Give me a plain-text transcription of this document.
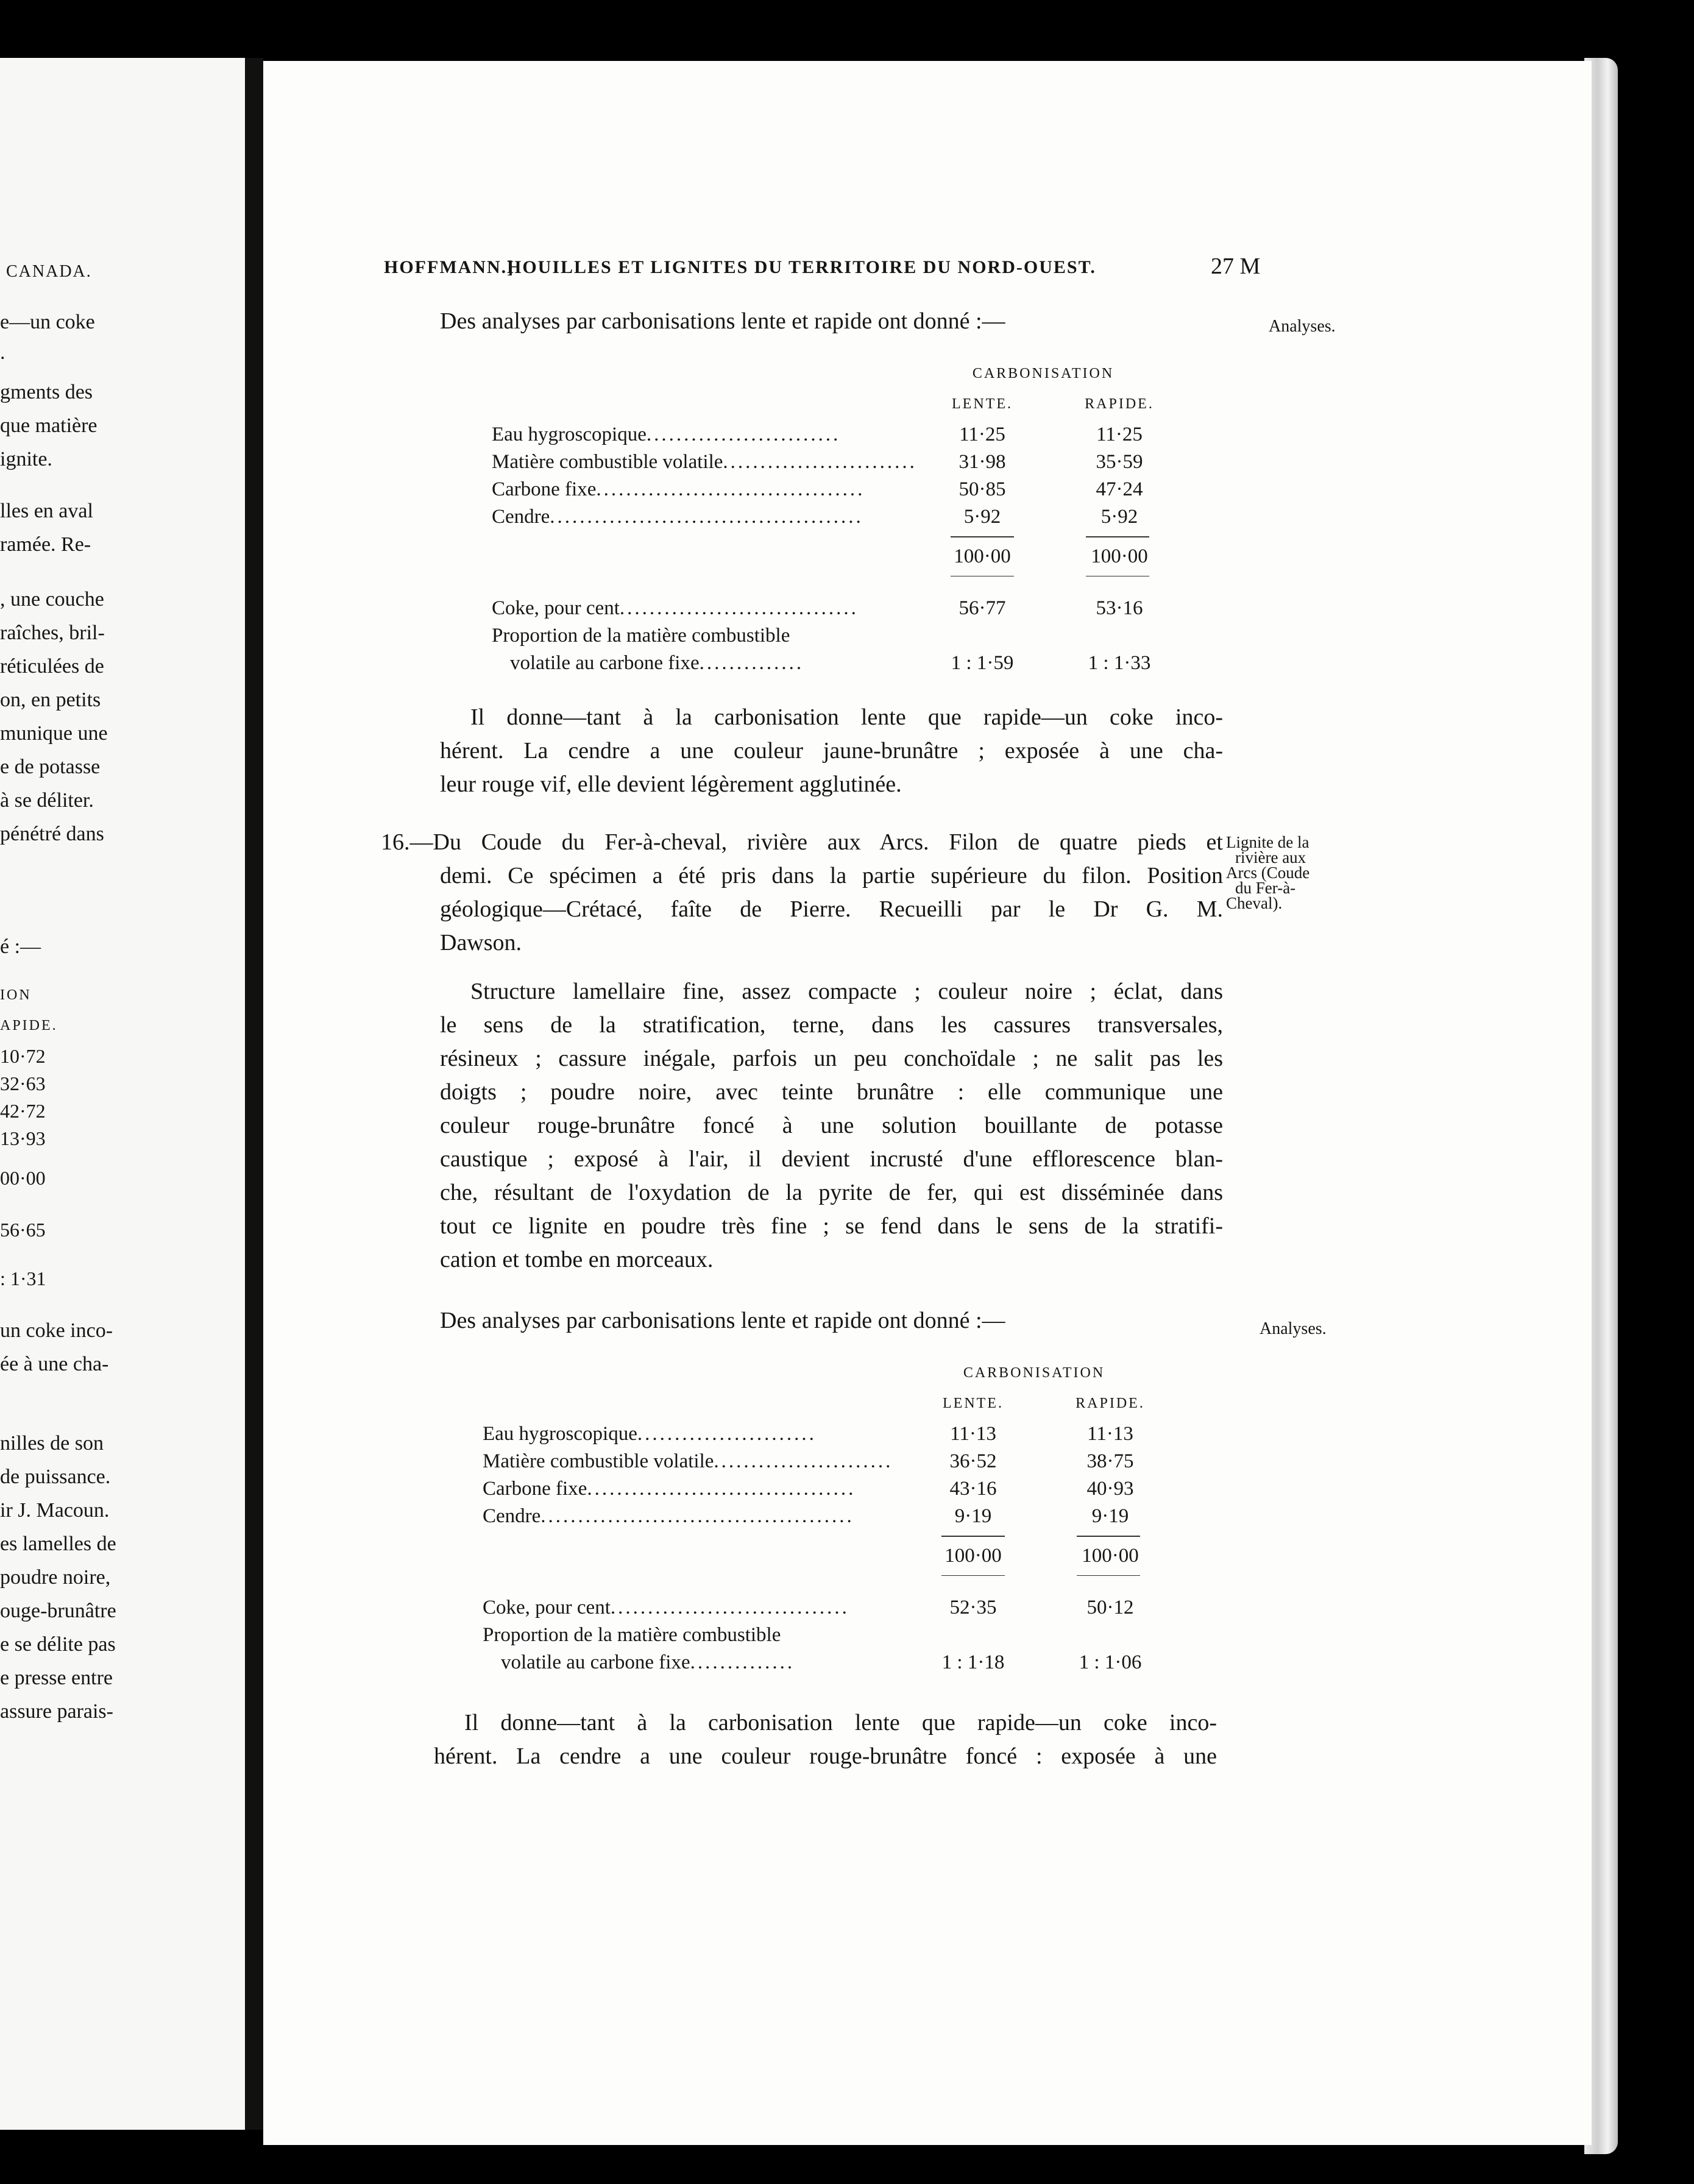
CANADA.
e—un coke
.
gments des
que matière
ignite.
lles en aval
ramée. Re-
, une couche
raîches, bril-
réticulées de
on, en petits
munique une
e de potasse
à se déliter.
pénétré dans
é :—
ION
APIDE.
10·72
32·63
42·72
13·93
00·00
56·65
: 1·31
un coke inco-
ée à une cha-
nilles de son
de puissance.
ir J. Macoun.
es lamelles de
poudre noire,
ouge-brunâtre
e se délite pas
e presse entre
assure parais-
HOFFMANN.]
HOUILLES ET LIGNITES DU TERRITOIRE DU NORD-OUEST.	27 M
Des analyses par carbonisations lente et rapide ont donné :—	Analyses.
CARBONISATION
LENTE.	RAPIDE.
Eau hygroscopique..........................	11·25	11·25
Matière combustible volatile..........................	31·98	35·59
Carbone fixe....................................	50·85	47·24
Cendre..........................................	5·92	5·92
100·00	100·00
Coke, pour cent................................	56·77	53·16
Proportion de la matière combustible
volatile au carbone fixe..............	1 : 1·59	1 : 1·33
Il donne—tant à la carbonisation lente que rapide—un coke inco-
hérent. La cendre a une couleur jaune-brunâtre ; exposée à une cha-
leur rouge vif, elle devient légèrement agglutinée.
16.—Du Coude du Fer-à-cheval, rivière aux Arcs. Filon de quatre pieds et
demi. Ce spécimen a été pris dans la partie supérieure du filon. Position
géologique—Crétacé, faîte de Pierre. Recueilli par le Dr G. M.
Dawson.
Lignite de la
rivière aux
Arcs (Coude
du Fer-à-
Cheval).
Structure lamellaire fine, assez compacte ; couleur noire ; éclat, dans
le sens de la stratification, terne, dans les cassures transversales,
résineux ; cassure inégale, parfois un peu conchoïdale ; ne salit pas les
doigts ; poudre noire, avec teinte brunâtre : elle communique une
couleur rouge-brunâtre foncé à une solution bouillante de potasse
caustique ; exposé à l'air, il devient incrusté d'une efflorescence blan-
che, résultant de l'oxydation de la pyrite de fer, qui est disséminée dans
tout ce lignite en poudre très fine ; se fend dans le sens de la stratifi-
cation et tombe en morceaux.
Des analyses par carbonisations lente et rapide ont donné :—	Analyses.
CARBONISATION
LENTE.	RAPIDE.
Eau hygroscopique........................	11·13	11·13
Matière combustible volatile........................	36·52	38·75
Carbone fixe....................................	43·16	40·93
Cendre..........................................	9·19	9·19
100·00	100·00
Coke, pour cent................................	52·35	50·12
Proportion de la matière combustible
volatile au carbone fixe..............	1 : 1·18	1 : 1·06
Il donne—tant à la carbonisation lente que rapide—un coke inco-
hérent. La cendre a une couleur rouge-brunâtre foncé : exposée à une
